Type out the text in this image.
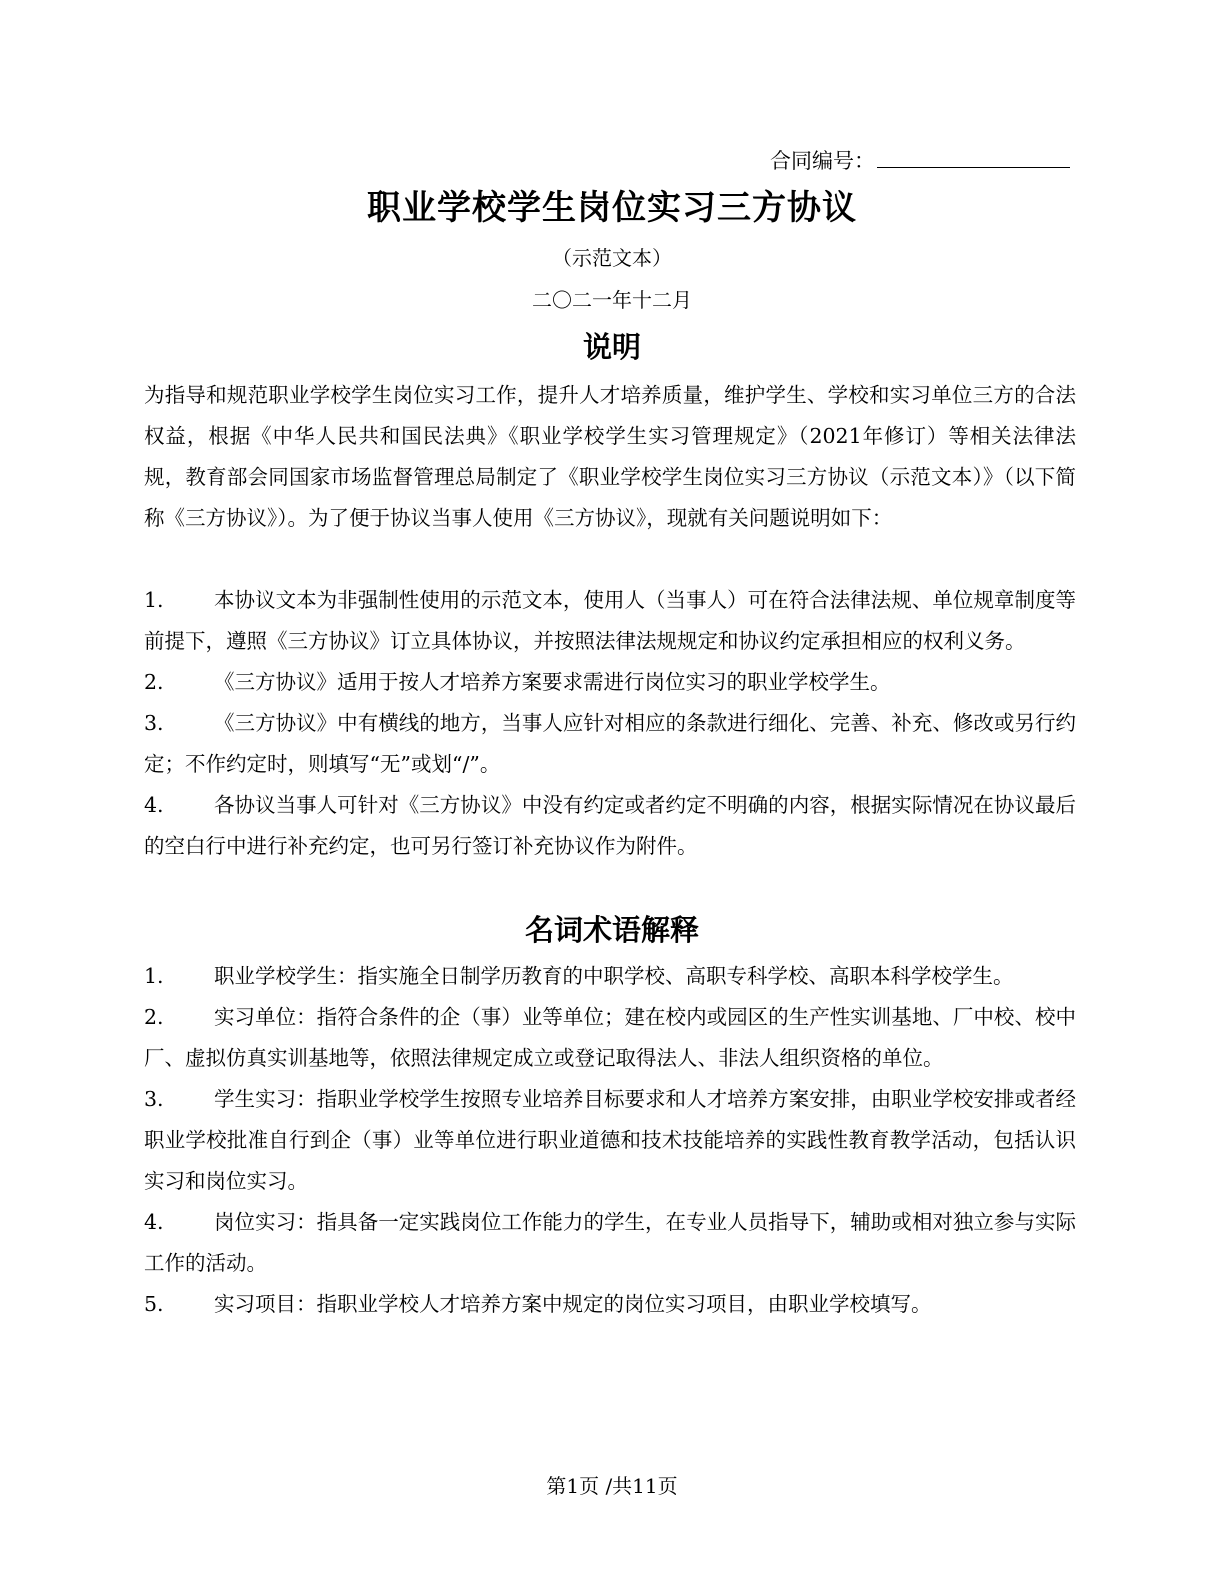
合同编号：
职业学校学生岗位实习三方协议
（示范文本）
二〇二一年十二月
说明

为指导和规范职业学校学生岗位实习工作，提升人才培养质量，维护学生、学校和实习单位三方的合法权益，根据《中华人民共和国民法典》《职业学校学生实习管理规定》（2021年修订）等相关法律法规，教育部会同国家市场监督管理总局制定了《职业学校学生岗位实习三方协议（示范文本）》（以下简称《三方协议》）。为了便于协议当事人使用《三方协议》，现就有关问题说明如下：

1. 本协议文本为非强制性使用的示范文本，使用人（当事人）可在符合法律法规、单位规章制度等前提下，遵照《三方协议》订立具体协议，并按照法律法规规定和协议约定承担相应的权利义务。

2. 《三方协议》适用于按人才培养方案要求需进行岗位实习的职业学校学生。

3. 《三方协议》中有横线的地方，当事人应针对相应的条款进行细化、完善、补充、修改或另行约定；不作约定时，则填写“无”或划“/”。

4. 各协议当事人可针对《三方协议》中没有约定或者约定不明确的内容，根据实际情况在协议最后的空白行中进行补充约定，也可另行签订补充协议作为附件。

名词术语解释

1. 职业学校学生：指实施全日制学历教育的中职学校、高职专科学校、高职本科学校学生。

2. 实习单位：指符合条件的企（事）业等单位；建在校内或园区的生产性实训基地、厂中校、校中厂、虚拟仿真实训基地等，依照法律规定成立或登记取得法人、非法人组织资格的单位。

3. 学生实习：指职业学校学生按照专业培养目标要求和人才培养方案安排，由职业学校安排或者经职业学校批准自行到企（事）业等单位进行职业道德和技术技能培养的实践性教育教学活动，包括认识实习和岗位实习。

4. 岗位实习：指具备一定实践岗位工作能力的学生，在专业人员指导下，辅助或相对独立参与实际工作的活动。

5. 实习项目：指职业学校人才培养方案中规定的岗位实习项目，由职业学校填写。

第1页 /共11页
